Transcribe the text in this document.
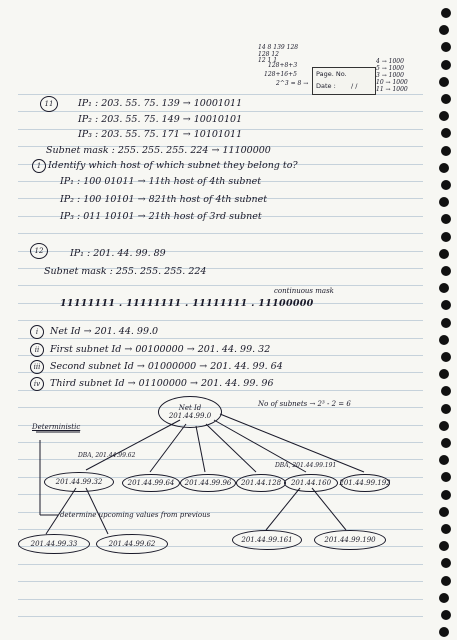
14 8 139 128
128 12
12 1 1
128+8+3
128+16+5
2^3 = 8 →
4 → 1000
5 → 1000
3 → 1000
10 → 1000
11 → 1000
Page. No.
Date : / /
11	IP₁ : 203. 55. 75. 139 → 10001011
IP₂ : 203. 55. 75. 149 → 10010101
IP₃ : 203. 55. 75. 171 → 10101011
Subnet mask : 255. 255. 255. 224 → 11100000
1 Identify which host of which subnet they belong to?
IP₁ : 100 01011 → 11th host of 4th subnet
IP₂ : 100 10101 → 821th host of 4th subnet
IP₃ : 011 10101 → 21th host of 3rd subnet
12	IP₁ : 201. 44. 99. 89
Subnet mask : 255. 255. 255. 224
continuous mask
11111111 . 11111111 . 11111111 . 11100000
i	Net Id → 201. 44. 99.0
ii	First subnet Id → 00100000 → 201. 44. 99. 32
iii	Second subnet Id → 01000000 → 201. 44. 99. 64
iv	Third subnet Id → 01100000 → 201. 44. 99. 96
Net Id
201.44.99.0
No of subnets → 2³ - 2 = 6
Deterministic
DBA, 201.44.99.62
DBA, 201.44.99.191
201.44.99.32	201.44.99.64	201.44.99.96	201.44.128	201.44.160	201.44.99.192
determine upcoming values from previous
201.44.99.33	201.44.99.62	201.44.99.161	201.44.99.190
